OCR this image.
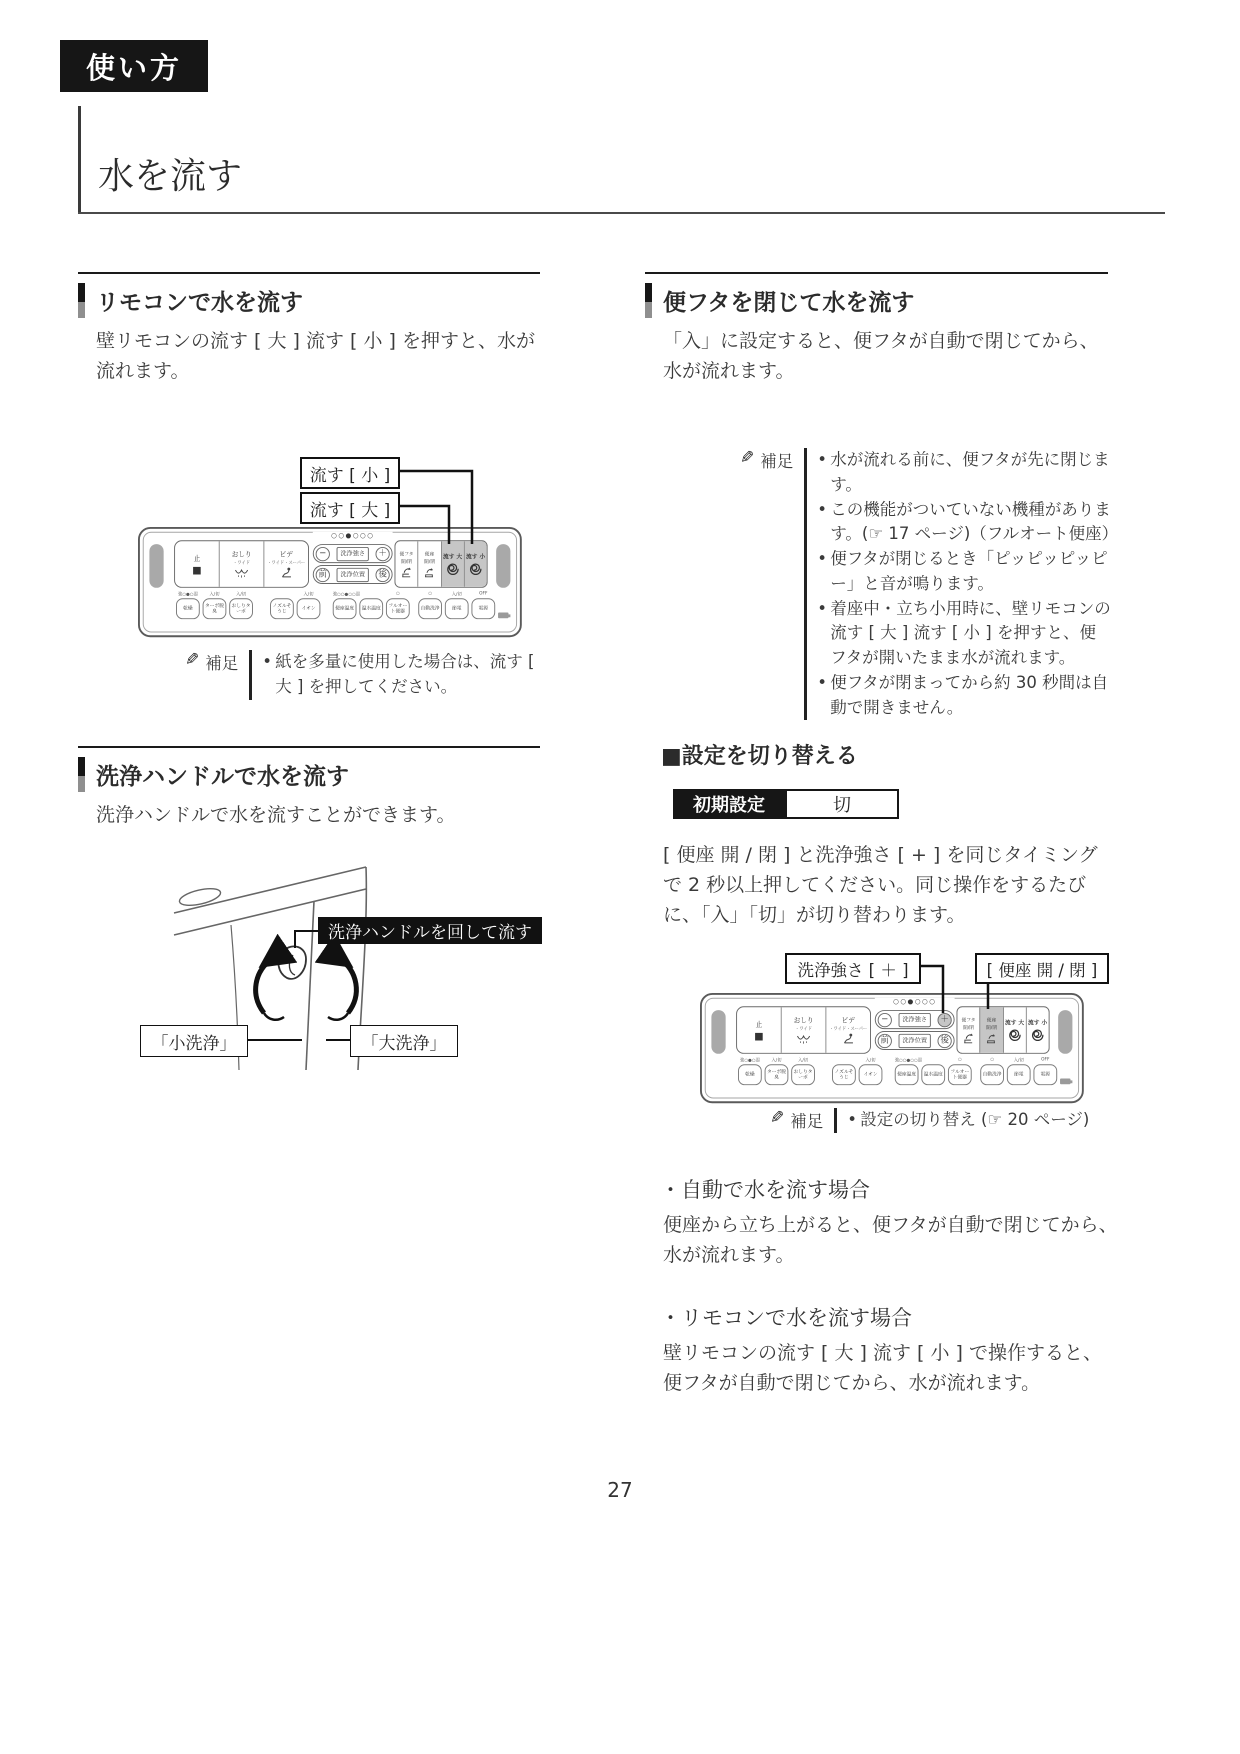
使い方
水を流す
リモコンで水を流す
壁リモコンの流す [ 大 ] 流す [ 小 ] を押すと、水が流れます。
流す [ 小 ]
流す [ 大 ]
止
おしり
・ワイド
ビデ
・ワイド・スーパー
○○●○○○
−	洗浄強さ	＋
前	洗浄位置	後
便フタ
開/閉
便座
開/閉
流す 大 流す 小
強○●○弱
乾燥
入/切
ターボ脱臭
入/切
おしりターボ
ノズルそうじ
入/切
イオン
強○○●○○弱
便座温度	温水温度
○
フルオート便器
○
自動洗浄
入/切
節電
OFF
電源
✎ 補足	• 紙を多量に使用した場合は、流す [ 大 ] を押してください。
洗浄ハンドルで水を流す
洗浄ハンドルで水を流すことができます。
洗浄ハンドルを回して流す
「小洗浄」	「大洗浄」
便フタを閉じて水を流す
「入」に設定すると、便フタが自動で閉じてから、水が流れます。
✎ 補足	• 水が流れる前に、便フタが先に閉じます。
• この機能がついていない機種があります。(☞ 17 ページ)（フルオート便座）
• 便フタが閉じるとき「ピッピッピッピー」と音が鳴ります。
• 着座中・立ち小用時に、壁リモコンの流す [ 大 ] 流す [ 小 ] を押すと、便フタが開いたまま水が流れます。
• 便フタが閉まってから約 30 秒間は自動で開きません。
■設定を切り替える
初期設定	切
[ 便座 開 / 閉 ] と洗浄強さ [ + ] を同じタイミングで 2 秒以上押してください。同じ操作をするたびに、「入」「切」が切り替わります。
洗浄強さ [ ＋ ]	[ 便座 開 / 閉 ]
止
おしり
・ワイド
ビデ
・ワイド・スーパー
○○●○○○
−	洗浄強さ	＋
前	洗浄位置	後
便フタ
開/閉
便座
開/閉
流す 大 流す 小
強○●○弱
乾燥
入/切
ターボ脱臭
入/切
おしりターボ
ノズルそうじ
入/切
イオン
強○○●○○弱
便座温度	温水温度
○
フルオート便器
○
自動洗浄
入/切
節電
OFF
電源
✎ 補足	• 設定の切り替え (☞ 20 ページ)
・自動で水を流す場合
便座から立ち上がると、便フタが自動で閉じてから、水が流れます。
・リモコンで水を流す場合
壁リモコンの流す [ 大 ] 流す [ 小 ] で操作すると、便フタが自動で閉じてから、水が流れます。
27
